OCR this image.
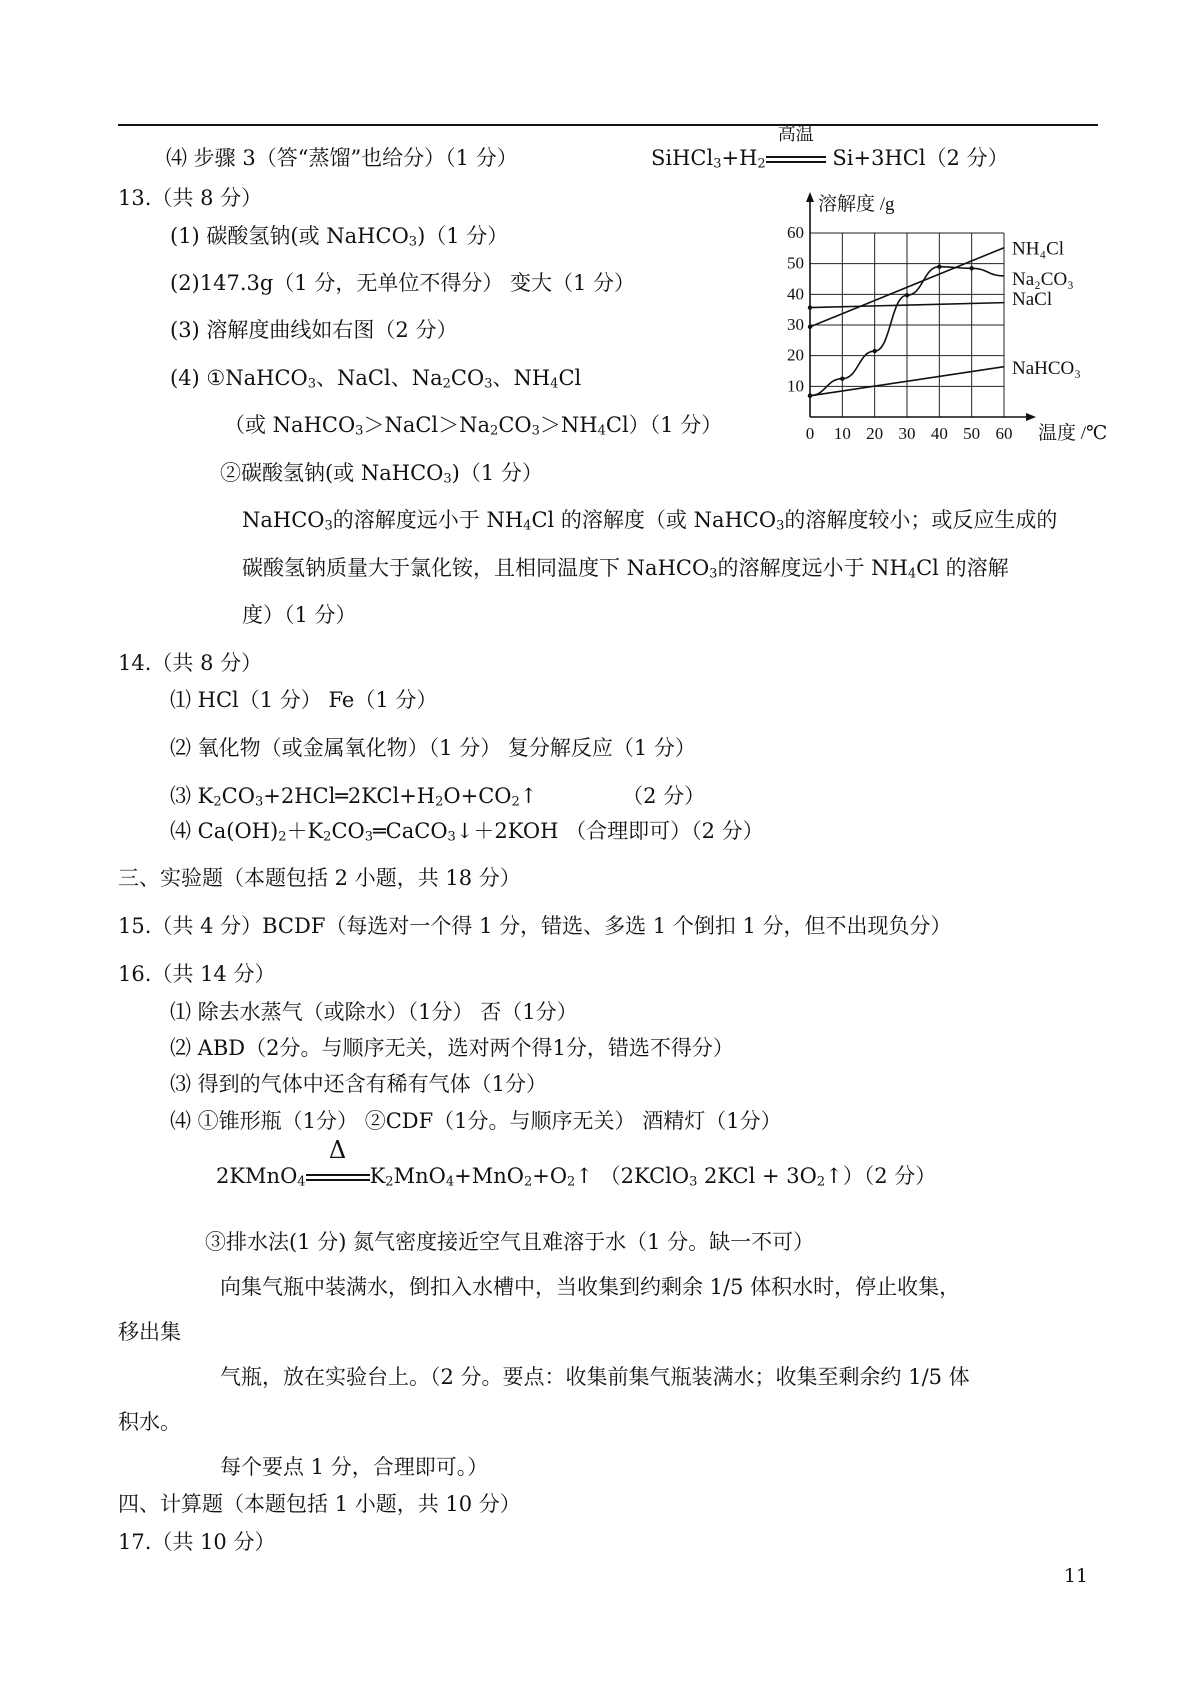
⑷ 步骤 3（答“蒸馏”也给分）（1 分）	$SiHCl_3+H_2$
高温
Si+3HCl（2 分）
13.（共 8 分）
(1) 碳酸氢钠(或 NaHCO$_3$)（1 分）
(2)147.3g（1 分，无单位不得分） 变大（1 分）
(3) 溶解度曲线如右图（2 分）
(4) ①NaHCO$_3$、NaCl、$Na_2CO_3$、$NH_4Cl$
（或 $NaHCO_3>NaCl>Na_2CO_3>NH_4Cl)(1$ 分）
②碳酸氢钠(或 NaHCO$_3$)（1 分）
NaHCO$_3$的溶解度远小于 $NH_4Cl$ 的溶解度（或 NaHCO$_3$的溶解度较小；或反应生成的
碳酸氢钠质量大于氯化铵，且相同温度下 NaHCO$_3$的溶解度远小于 $NH_4Cl$ 的溶解
度）（1 分）
0 10 20 30 40 50 60
10
20
30
40
50
60
溶解度 /g
温度 /℃
NH₄Cl
Na₂CO₃
NaCl
NaHCO₃
14.（共 8 分）
⑴ HCl（1 分） Fe（1 分）
⑵ 氧化物（或金属氧化物）（1 分） 复分解反应（1 分）
⑶ $K_2CO_3+2HCl═2KCl+H_2O+CO_2↑$	（2 分）
⑷ $Ca(OH)_2+K_2CO_3═CaCO_3↓+2KOH$ （合理即可）（2 分）
三、实验题（本题包括 2 小题，共 18 分）
15.（共 4 分）BCDF（每选对一个得 1 分，错选、多选 1 个倒扣 1 分，但不出现负分）
16.（共 14 分）
⑴ 除去水蒸气（或除水）（1分） 否（1分）
⑵ ABD（2分。与顺序无关，选对两个得1分，错选不得分）
⑶ 得到的气体中还含有稀有气体（1分）
⑷ ①锥形瓶（1分） ②CDF（1分。与顺序无关） 酒精灯（1分）
2KMnO$_4$
Δ
$K_2MnO_4+MnO_2+O_2↑$ （2KClO$_3$ $2KCl + 3O_2↑)(2$ 分）
③排水法(1 分) 氮气密度接近空气且难溶于水（1 分。缺一不可）
向集气瓶中装满水，倒扣入水槽中，当收集到约剩余 1/5 体积水时，停止收集，
移出集
气瓶，放在实验台上。（2 分。要点：收集前集气瓶装满水；收集至剩余约 1/5 体
积水。
每个要点 1 分，合理即可。）
四、计算题（本题包括 1 小题，共 10 分）
17.（共 10 分）
11
